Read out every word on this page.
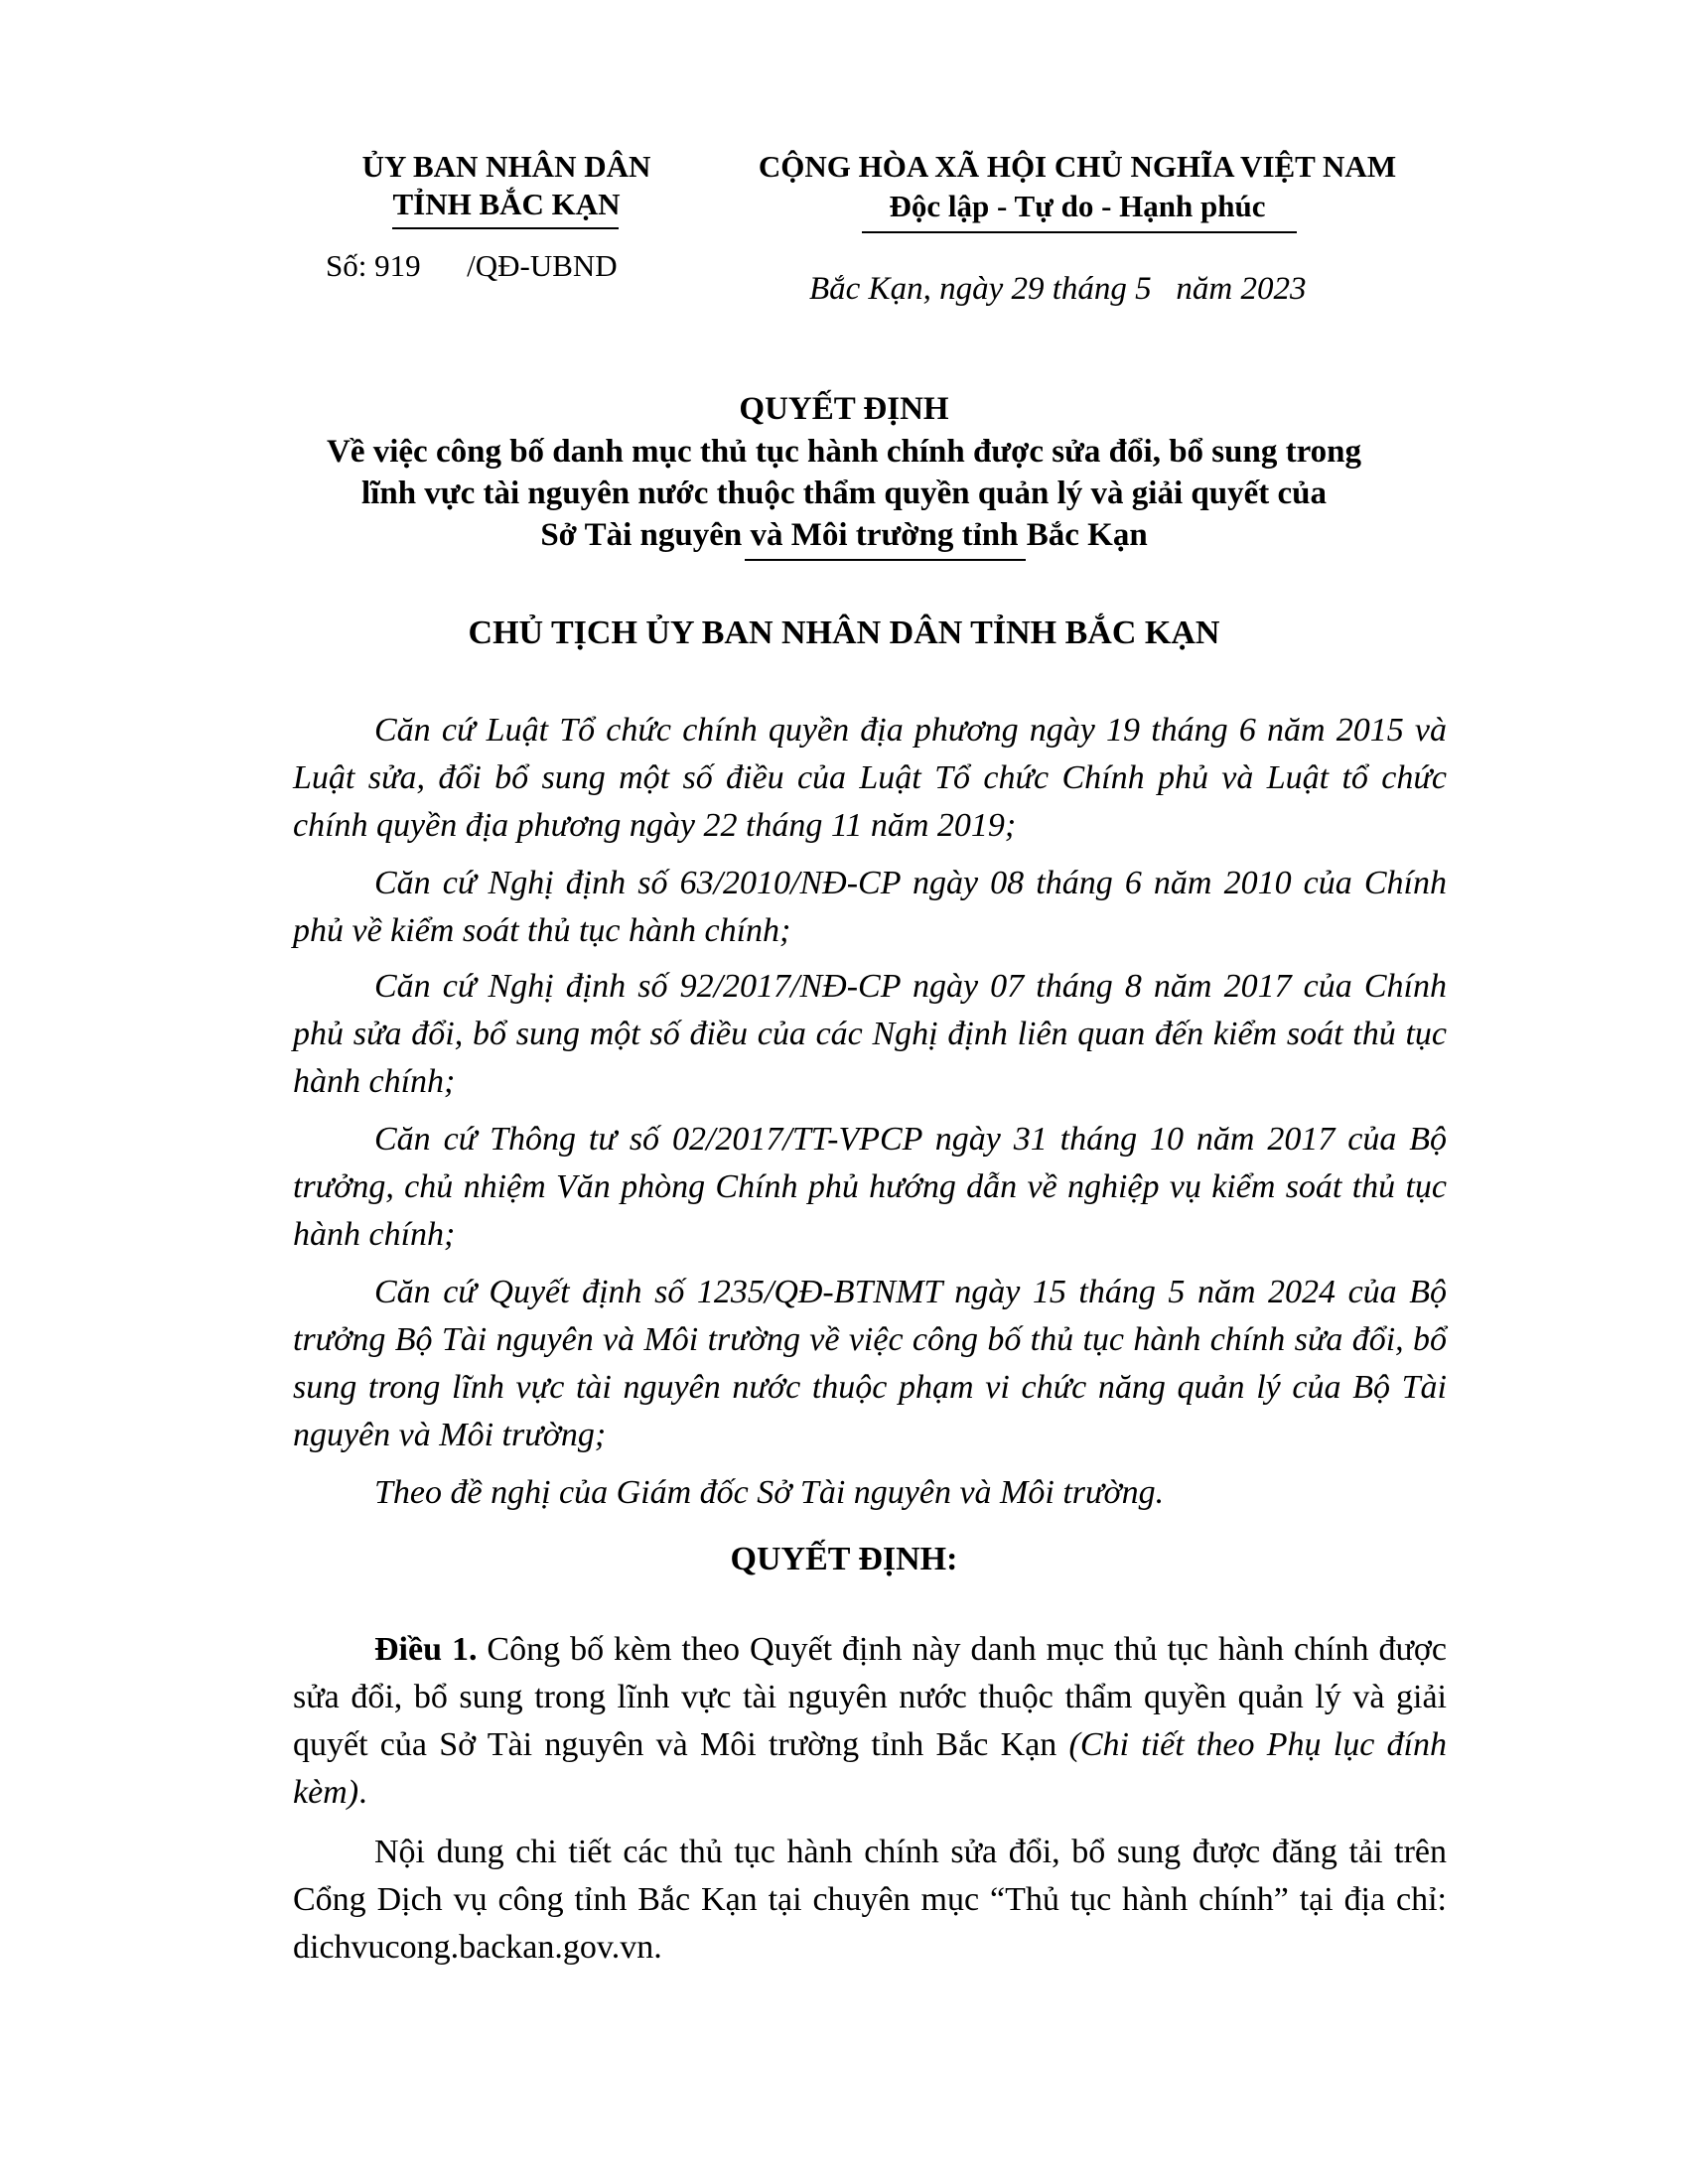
ỦY BAN NHÂN DÂN
TỈNH BẮC KẠN
Số: 919      /QĐ-UBND
CỘNG HÒA XÃ HỘI CHỦ NGHĨA VIỆT NAM
Độc lập - Tự do - Hạnh phúc
Bắc Kạn, ngày 29 tháng 5   năm 2023
QUYẾT ĐỊNH
Về việc công bố danh mục thủ tục hành chính được sửa đổi, bổ sung trong
lĩnh vực tài nguyên nước thuộc thẩm quyền quản lý và giải quyết của
Sở Tài nguyên và Môi trường tỉnh Bắc Kạn
CHỦ TỊCH ỦY BAN NHÂN DÂN TỈNH BẮC KẠN

Căn cứ Luật Tổ chức chính quyền địa phương ngày 19 tháng 6 năm 2015 và Luật sửa, đổi bổ sung một số điều của Luật Tổ chức Chính phủ và Luật tổ chức chính quyền địa phương ngày 22 tháng 11 năm 2019;

Căn cứ Nghị định số 63/2010/NĐ-CP ngày 08 tháng 6 năm 2010 của Chính phủ về kiểm soát thủ tục hành chính;

Căn cứ Nghị định số 92/2017/NĐ-CP ngày 07 tháng 8 năm 2017 của Chính phủ sửa đổi, bổ sung một số điều của các Nghị định liên quan đến kiểm soát thủ tục hành chính;

Căn cứ Thông tư số 02/2017/TT-VPCP ngày 31 tháng 10 năm 2017 của Bộ trưởng, chủ nhiệm Văn phòng Chính phủ hướng dẫn về nghiệp vụ kiểm soát thủ tục hành chính;

Căn cứ Quyết định số 1235/QĐ-BTNMT ngày 15 tháng 5 năm 2024 của Bộ trưởng Bộ Tài nguyên và Môi trường về việc công bố thủ tục hành chính sửa đổi, bổ sung trong lĩnh vực tài nguyên nước thuộc phạm vi chức năng quản lý của Bộ Tài nguyên và Môi trường;

Theo đề nghị của Giám đốc Sở Tài nguyên và Môi trường.

QUYẾT ĐỊNH:

Điều 1. Công bố kèm theo Quyết định này danh mục thủ tục hành chính được sửa đổi, bổ sung trong lĩnh vực tài nguyên nước thuộc thẩm quyền quản lý và giải quyết của Sở Tài nguyên và Môi trường tỉnh Bắc Kạn (Chi tiết theo Phụ lục đính kèm).

Nội dung chi tiết các thủ tục hành chính sửa đổi, bổ sung được đăng tải trên Cổng Dịch vụ công tỉnh Bắc Kạn tại chuyên mục “Thủ tục hành chính” tại địa chỉ: dichvucong.backan.gov.vn.
